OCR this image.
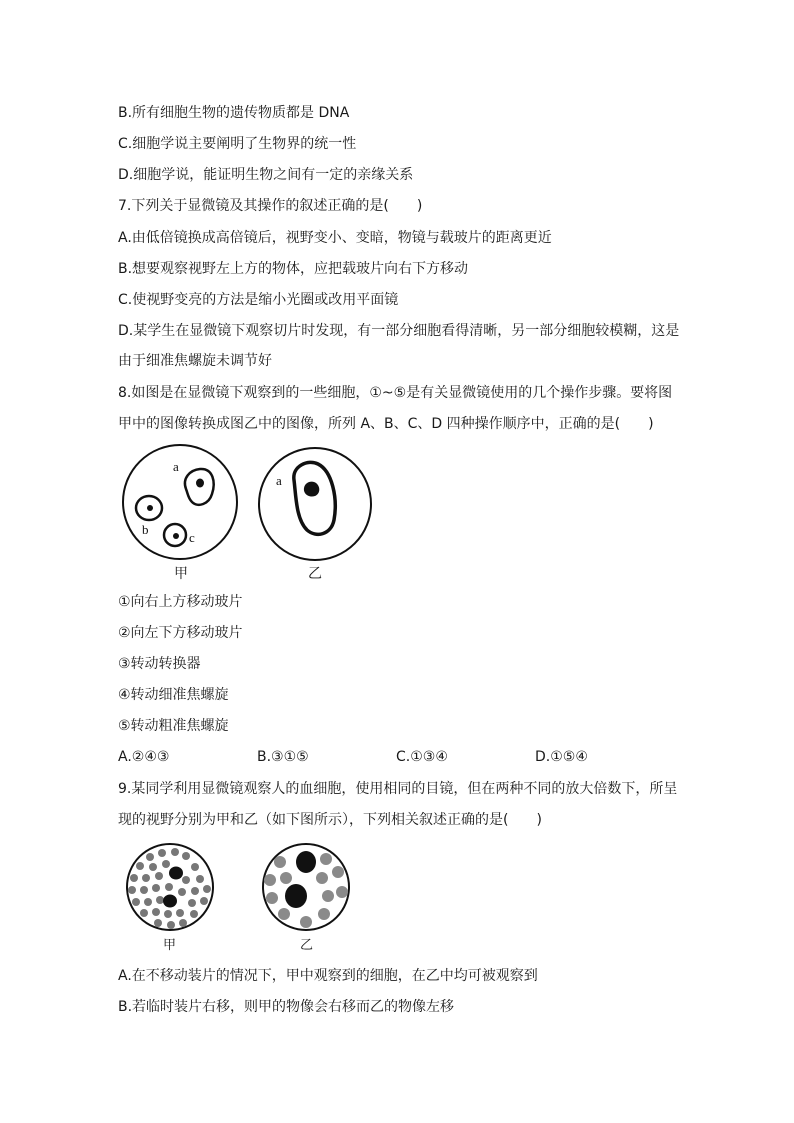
B.所有细胞生物的遗传物质都是 DNA
C.细胞学说主要阐明了生物界的统一性
D.细胞学说，能证明生物之间有一定的亲缘关系
7.下列关于显微镜及其操作的叙述正确的是(　　)
A.由低倍镜换成高倍镜后，视野变小、变暗，物镜与载玻片的距离更近
B.想要观察视野左上方的物体，应把载玻片向右下方移动
C.使视野变亮的方法是缩小光圈或改用平面镜
D.某学生在显微镜下观察切片时发现，有一部分细胞看得清晰，另一部分细胞较模糊，这是
由于细准焦螺旋未调节好
8.如图是在显微镜下观察到的一些细胞，①~⑤是有关显微镜使用的几个操作步骤。要将图
甲中的图像转换成图乙中的图像，所列 A、B、C、D 四种操作顺序中，正确的是(　　)
a
b
c
a
甲	乙
①向右上方移动玻片
②向左下方移动玻片
③转动转换器
④转动细准焦螺旋
⑤转动粗准焦螺旋
A.②④③	B.③①⑤	C.①③④	D.①⑤④
9.某同学利用显微镜观察人的血细胞，使用相同的目镜，但在两种不同的放大倍数下，所呈
现的视野分别为甲和乙（如下图所示），下列相关叙述正确的是(　　)
甲	乙
A.在不移动装片的情况下，甲中观察到的细胞，在乙中均可被观察到
B.若临时装片右移，则甲的物像会右移而乙的物像左移
